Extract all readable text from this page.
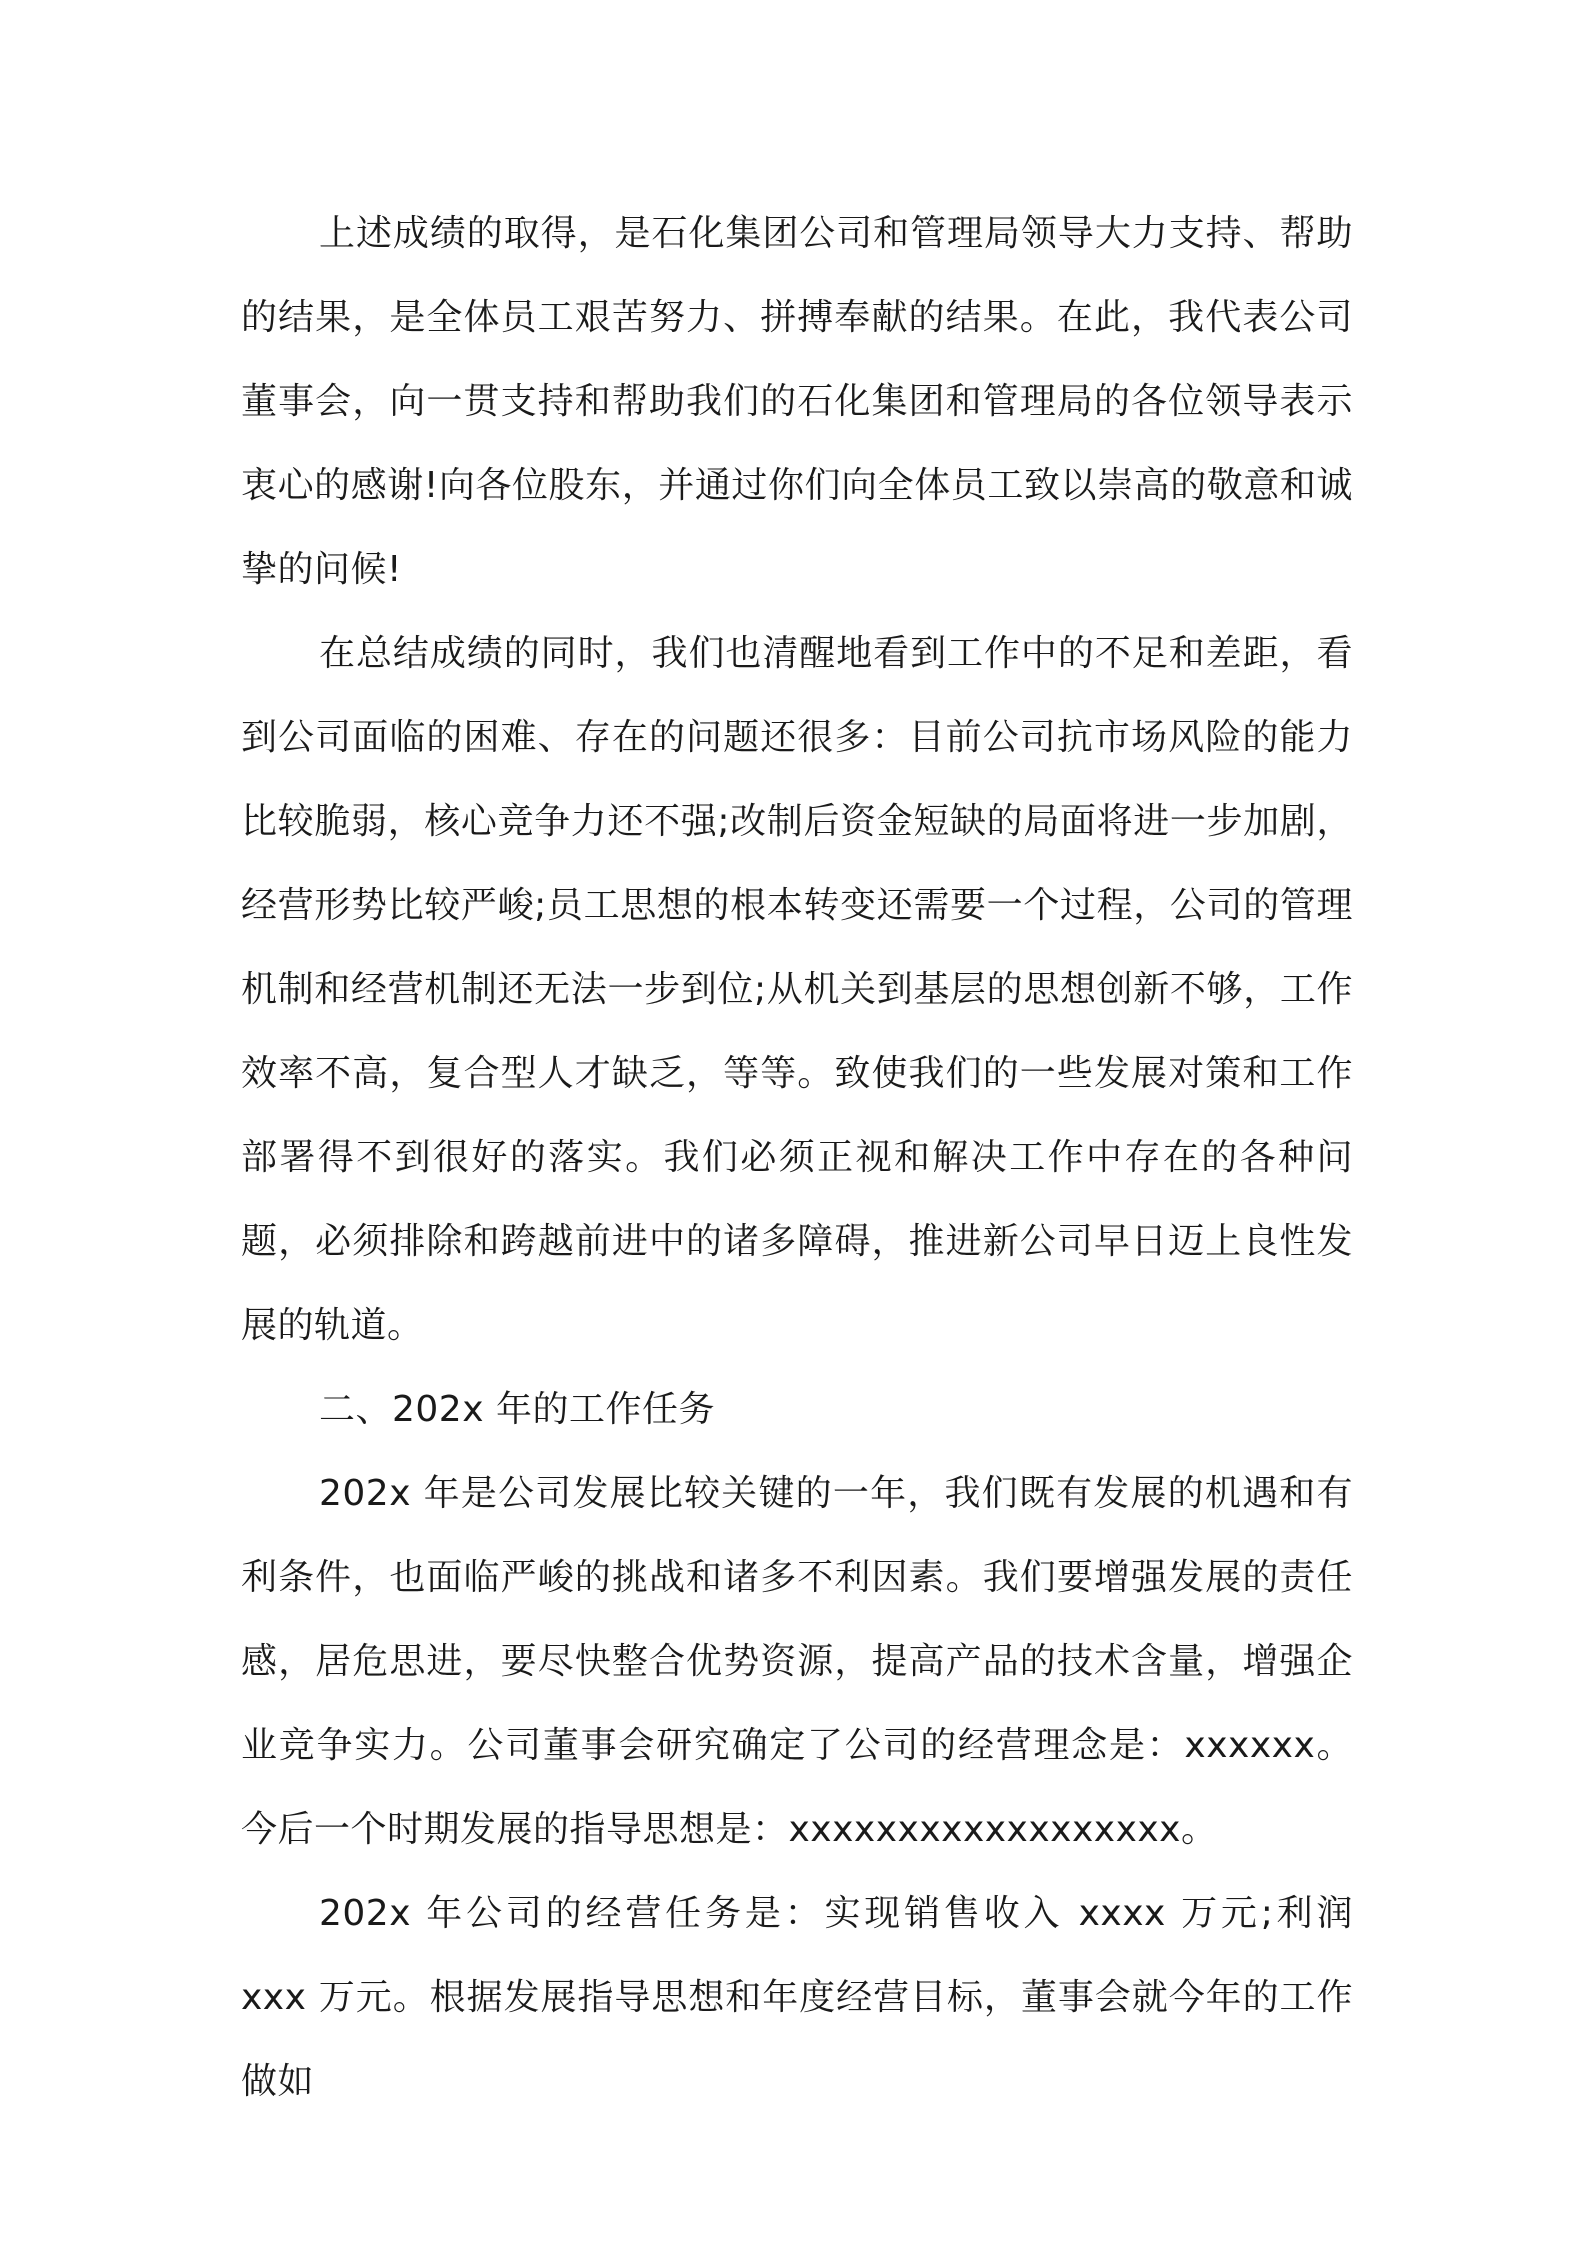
上述成绩的取得，是石化集团公司和管理局领导大力支持、帮助的结果，是全体员工艰苦努力、拼搏奉献的结果。在此，我代表公司董事会，向一贯支持和帮助我们的石化集团和管理局的各位领导表示衷心的感谢!向各位股东，并通过你们向全体员工致以崇高的敬意和诚挚的问候!

在总结成绩的同时，我们也清醒地看到工作中的不足和差距，看到公司面临的困难、存在的问题还很多：目前公司抗市场风险的能力比较脆弱，核心竞争力还不强;改制后资金短缺的局面将进一步加剧，经营形势比较严峻;员工思想的根本转变还需要一个过程，公司的管理机制和经营机制还无法一步到位;从机关到基层的思想创新不够，工作效率不高，复合型人才缺乏，等等。致使我们的一些发展对策和工作部署得不到很好的落实。我们必须正视和解决工作中存在的各种问题，必须排除和跨越前进中的诸多障碍，推进新公司早日迈上良性发展的轨道。

二、202x 年的工作任务

202x 年是公司发展比较关键的一年，我们既有发展的机遇和有利条件，也面临严峻的挑战和诸多不利因素。我们要增强发展的责任感，居危思进，要尽快整合优势资源，提高产品的技术含量，增强企业竞争实力。公司董事会研究确定了公司的经营理念是：xxxxxx。今后一个时期发展的指导思想是：xxxxxxxxxxxxxxxxxx。

202x 年公司的经营任务是：实现销售收入 xxxx 万元;利润 xxx 万元。根据发展指导思想和年度经营目标，董事会就今年的工作做如
